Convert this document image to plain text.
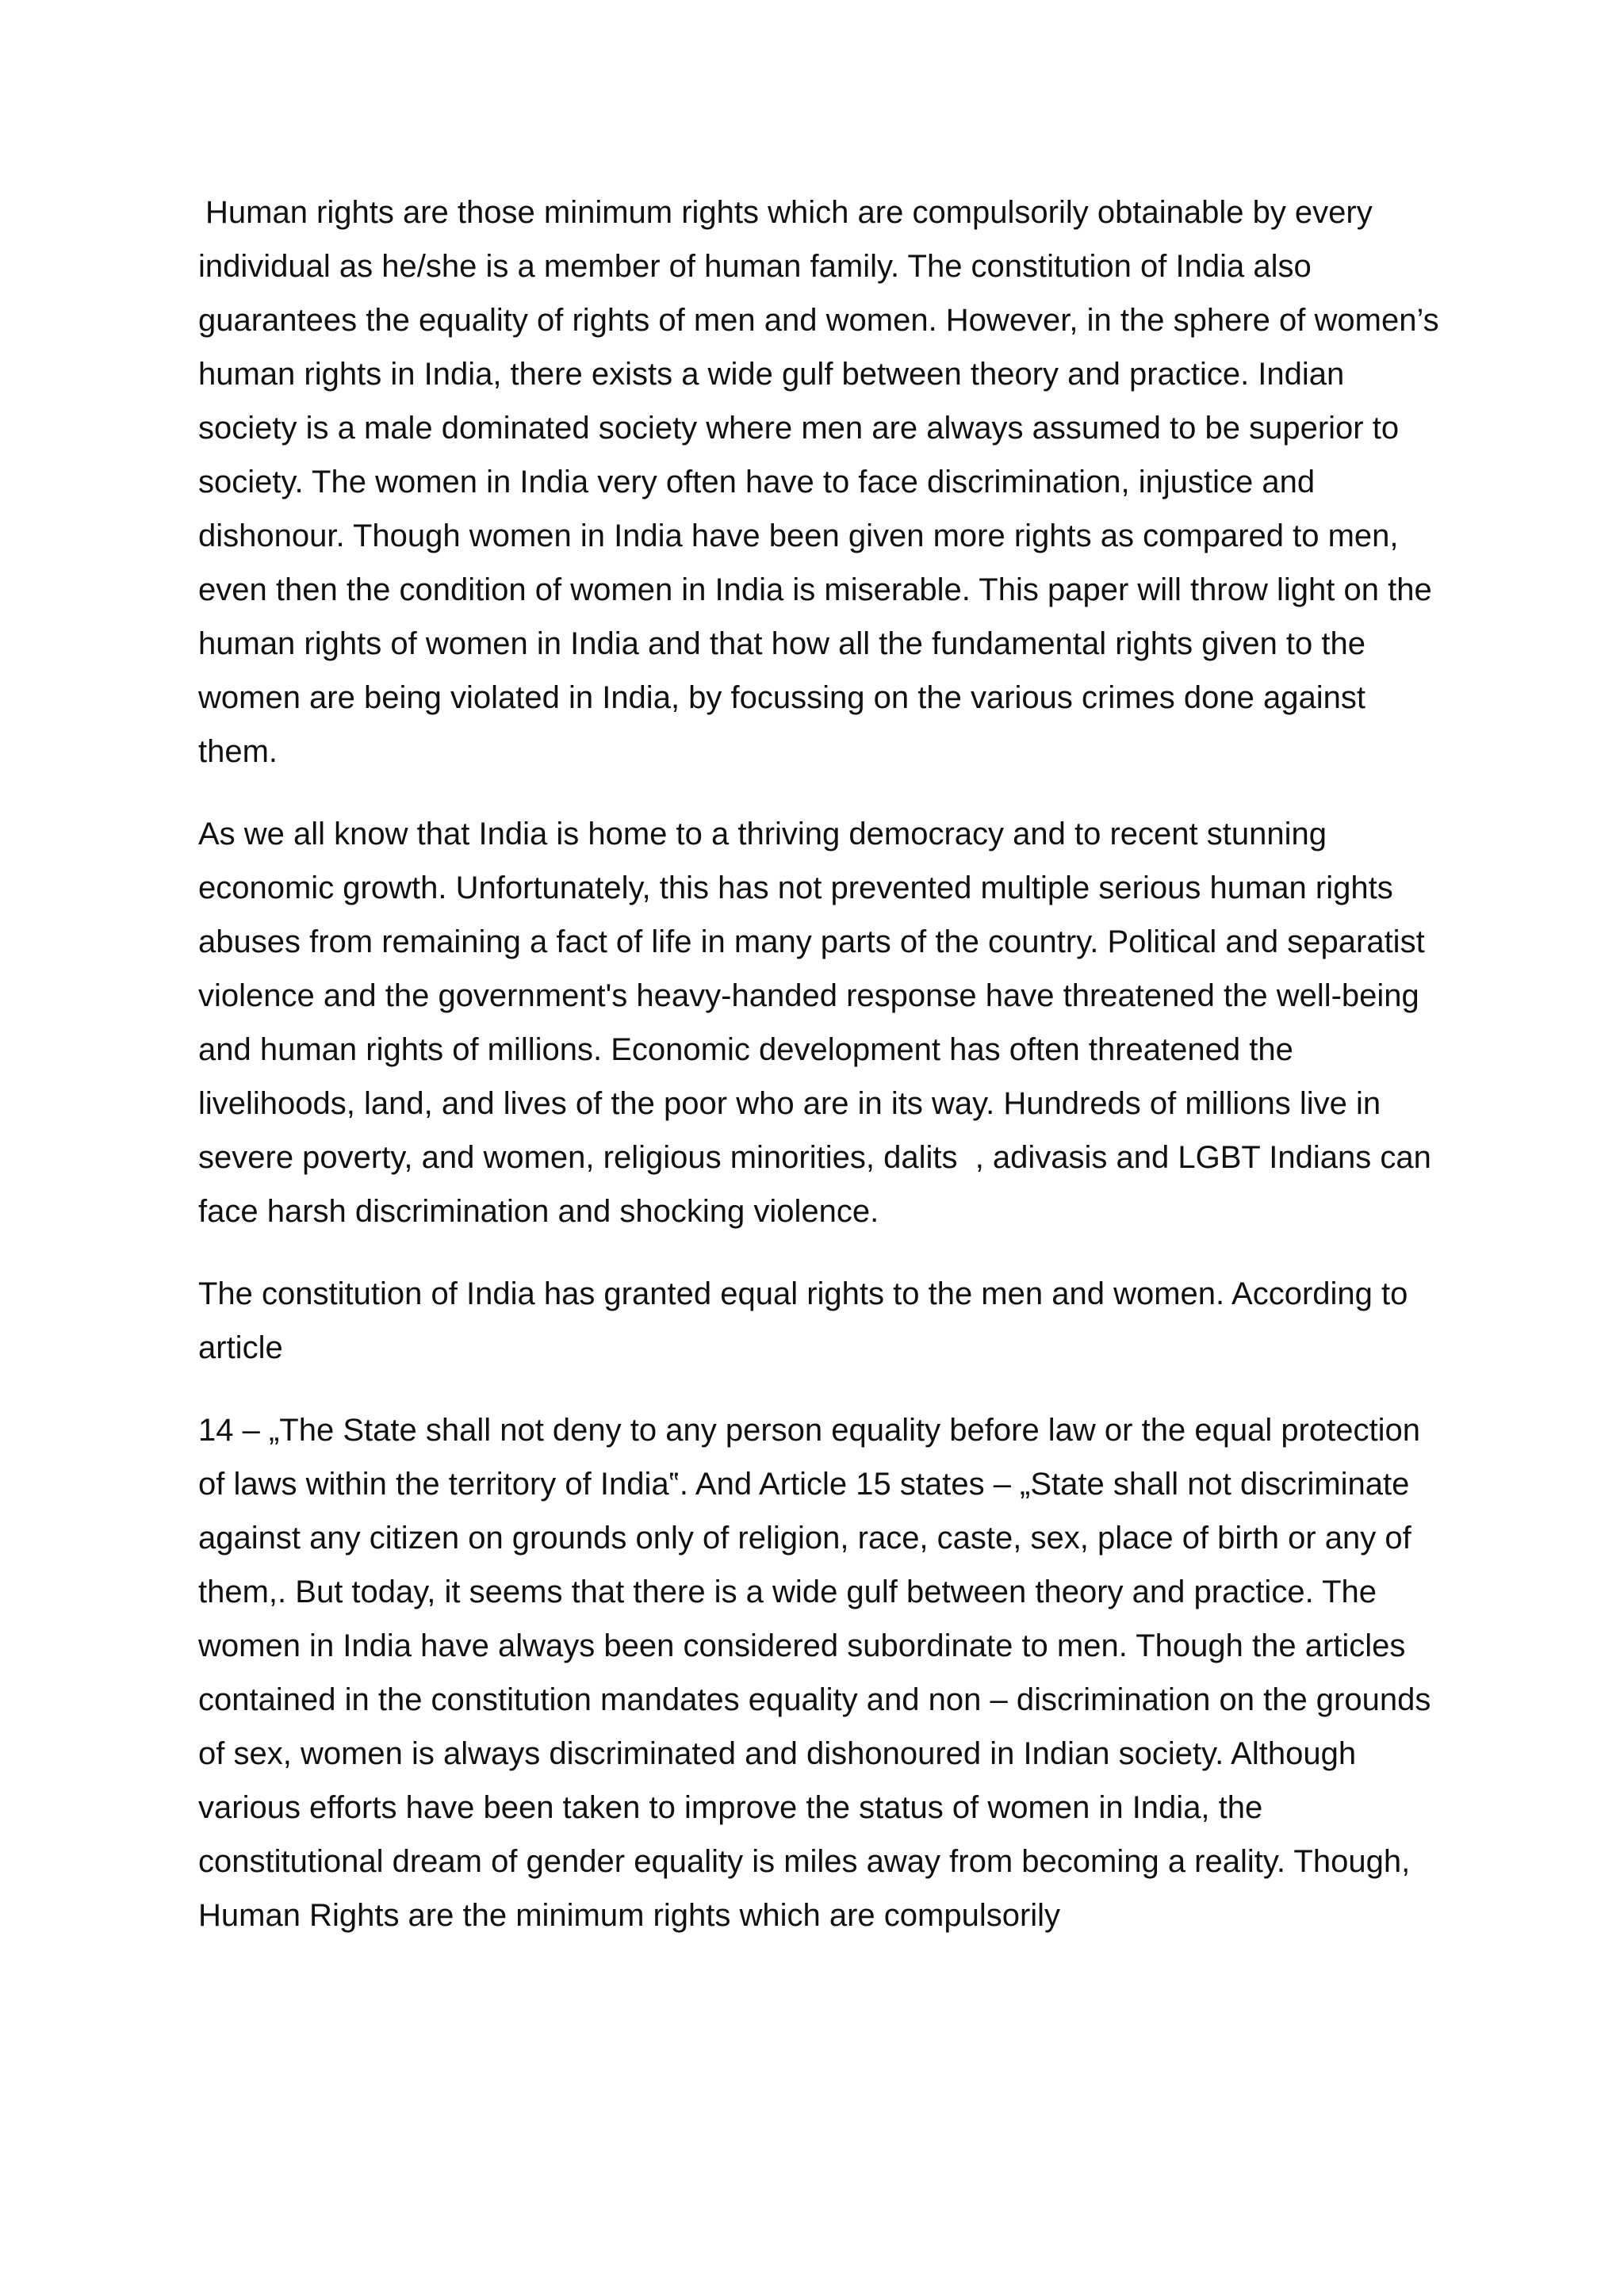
Human rights are those minimum rights which are compulsorily obtainable by every individual as he/she is a member of human family. The constitution of India also guarantees the equality of rights of men and women. However, in the sphere of women’s human rights in India, there exists a wide gulf between theory and practice. Indian society is a male dominated society where men are always assumed to be superior to society. The women in India very often have to face discrimination, injustice and dishonour. Though women in India have been given more rights as compared to men, even then the condition of women in India is miserable. This paper will throw light on the human rights of women in India and that how all the fundamental rights given to the women are being violated in India, by focussing on the various crimes done against them.

As we all know that India is home to a thriving democracy and to recent stunning economic growth. Unfortunately, this has not prevented multiple serious human rights abuses from remaining a fact of life in many parts of the country. Political and separatist violence and the government's heavy-handed response have threatened the well-being and human rights of millions. Economic development has often threatened the livelihoods, land, and lives of the poor who are in its way. Hundreds of millions live in severe poverty, and women, religious minorities, dalits  , adivasis and LGBT Indians can face harsh discrimination and shocking violence.

The constitution of India has granted equal rights to the men and women. According to article

14 – „The State shall not deny to any person equality before law or the equal protection of laws within the territory of India‟. And Article 15 states – „State shall not discriminate against any citizen on grounds only of religion, race, caste, sex, place of birth or any of them,. But today, it seems that there is a wide gulf between theory and practice. The women in India have always been considered subordinate to men. Though the articles contained in the constitution mandates equality and non – discrimination on the grounds of sex, women is always discriminated and dishonoured in Indian society. Although various efforts have been taken to improve the status of women in India, the constitutional dream of gender equality is miles away from becoming a reality. Though, Human Rights are the minimum rights which are compulsorily
